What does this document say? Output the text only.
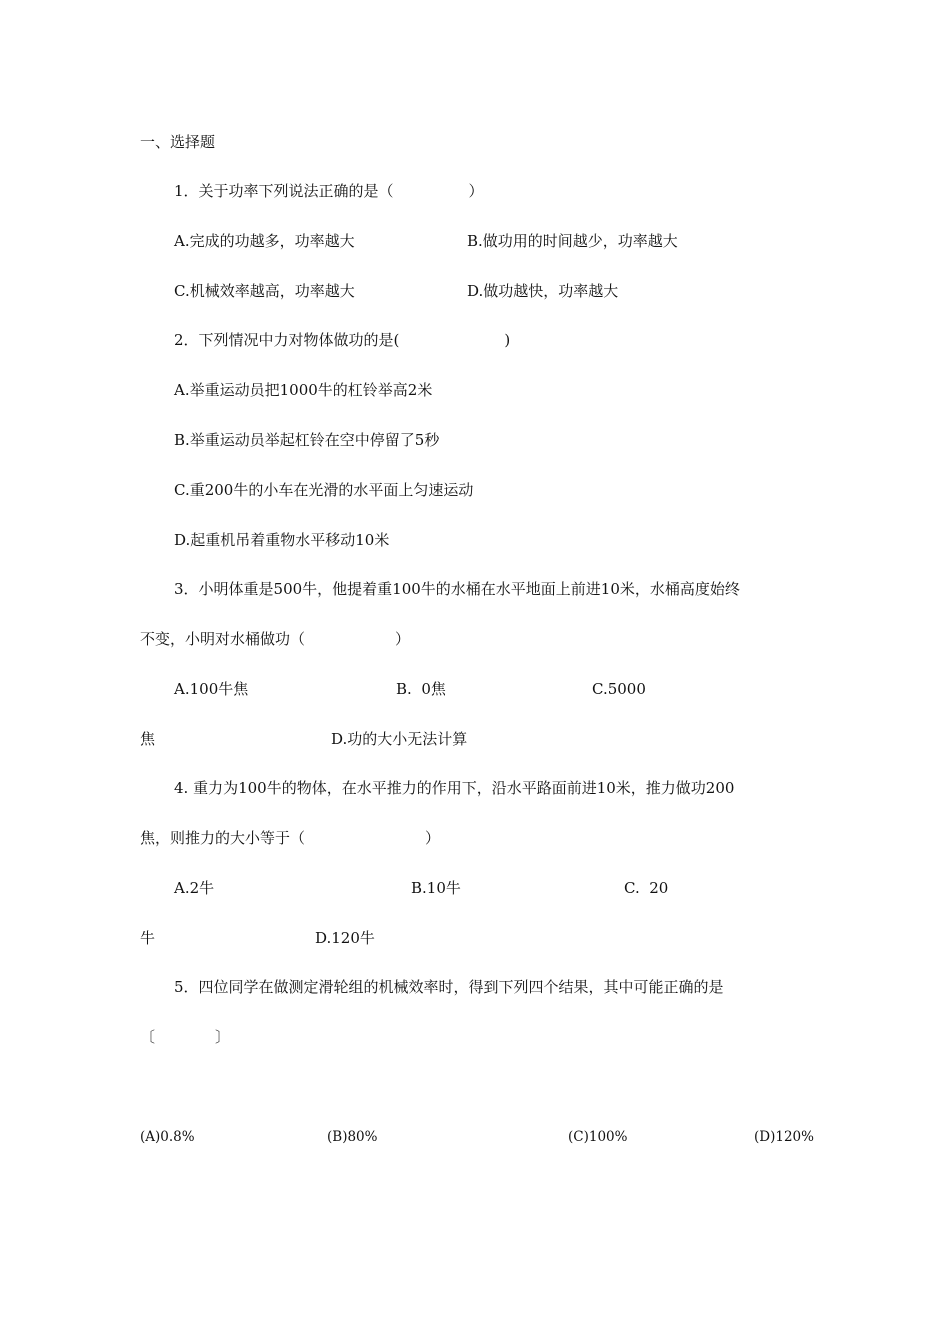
一、选择题
1．关于功率下列说法正确的是（　　　　　）
A.完成的功越多，功率越大	B.做功用的时间越少，功率越大
C.机械效率越高，功率越大	D.做功越快，功率越大
2．下列情况中力对物体做功的是(　　　　　　　)
A.举重运动员把1000牛的杠铃举高2米
B.举重运动员举起杠铃在空中停留了5秒
C.重200牛的小车在光滑的水平面上匀速运动
D.起重机吊着重物水平移动10米
3．小明体重是500牛，他提着重100牛的水桶在水平地面上前进10米，水桶高度始终
不变，小明对水桶做功（　　　　　　）
A.100牛焦	B.  0焦	C.5000
焦	D.功的大小无法计算
4. 重力为100牛的物体，在水平推力的作用下，沿水平路面前进10米，推力做功200
焦，则推力的大小等于（　　　　　　　　）
A.2牛	B.10牛	C.  20
牛	D.120牛
5．四位同学在做测定滑轮组的机械效率时，得到下列四个结果，其中可能正确的是
〔　　　　〕
(A)0.8%	(B)80%	(C)100%	(D)120%
